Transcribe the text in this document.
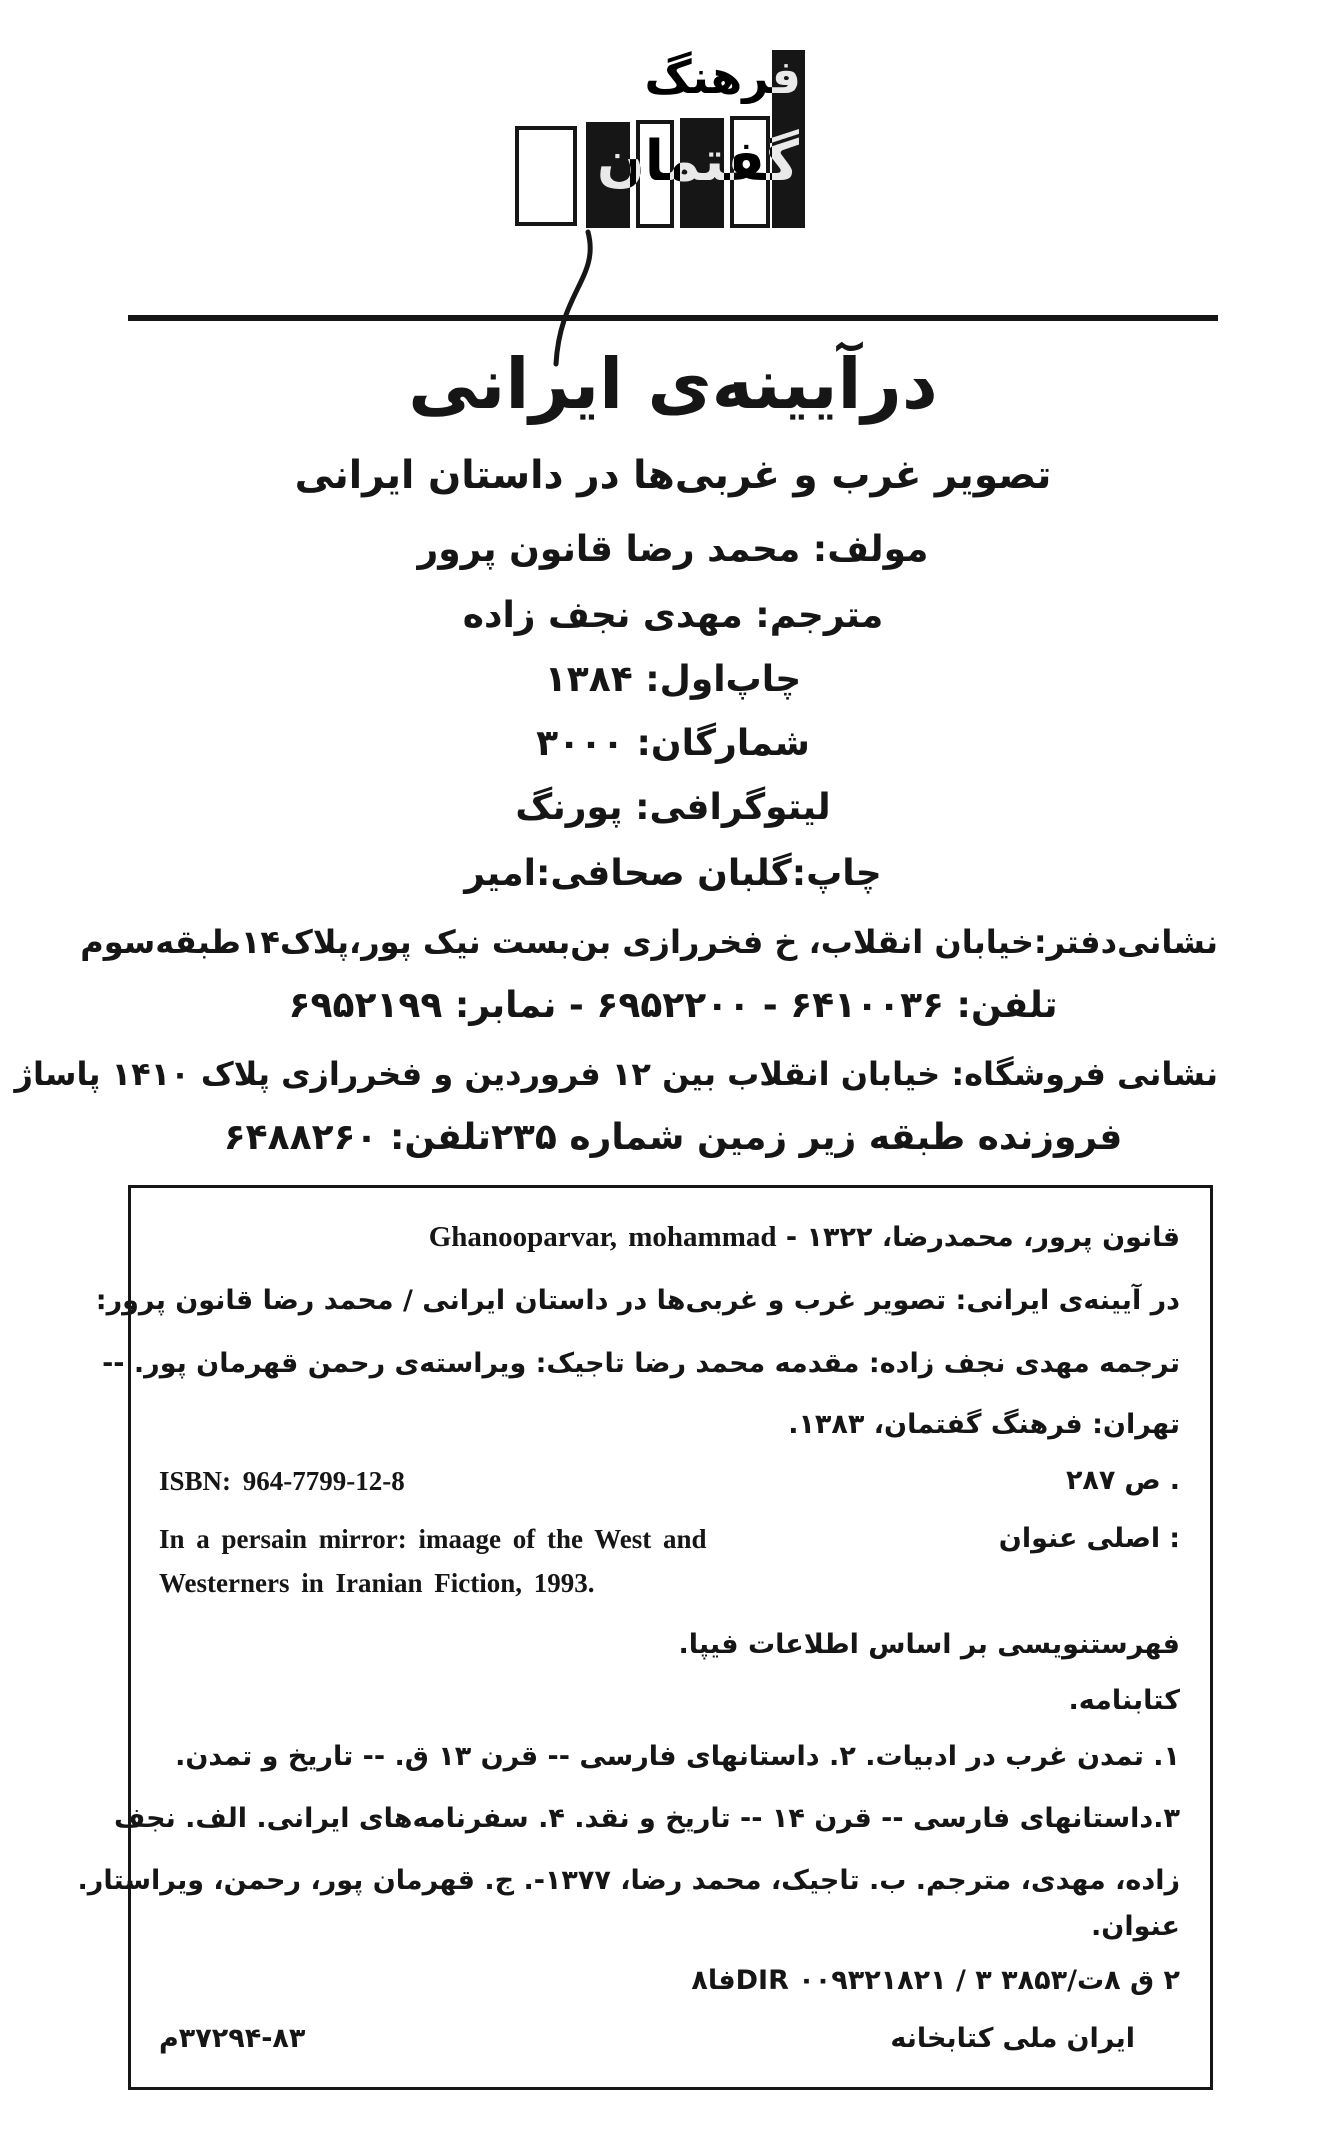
فرهنگ
گفتمان
درآیینه‌ی ایرانی
تصویر غرب و غربی‌ها در داستان ایرانی
مولف: محمد رضا قانون پرور
مترجم: مهدی نجف زاده
چاپ‌اول: ۱۳۸۴
شمارگان: ۳۰۰۰
لیتوگرافی: پورنگ
چاپ:گلبان صحافی:امیر
نشانی‌دفتر:خیابان انقلاب، خ فخررازی بن‌بست نیک پور،پلاک۱۴طبقه‌سوم
تلفن: ۶۴۱۰۰۳۶ - ۶۹۵۲۲۰۰ - نمابر: ۶۹۵۲۱۹۹
نشانی فروشگاه: خیابان انقلاب بین ۱۲ فروردین و فخررازی پلاک ۱۴۱۰ پاساژ
فروزنده طبقه زیر زمین شماره ۲۳۵تلفن: ۶۴۸۸۲۶۰
قانون پرور، محمدرضا، ۱۳۲۲ - Ghanooparvar, mohammad
در آیینه‌ی ایرانی: تصویر غرب و غربی‌ها در داستان ایرانی / محمد رضا قانون پرور:
ترجمه مهدی نجف زاده: مقدمه محمد رضا تاجیک: ویراسته‌ی رحمن قهرمان پور. --
تهران: فرهنگ گفتمان، ۱۳۸۳.
ISBN: 964-7799-12-8	۲۸۷ ص .
In a persain mirror: imaage of the West and	عنوان اصلی :
Westerners in Iranian Fiction, 1993.
فهرستنویسی بر اساس اطلاعات فیپا.
کتابنامه.
۱. تمدن غرب در ادبیات. ۲. داستانهای فارسی -- قرن ۱۳ ق. -- تاریخ و تمدن.
۳.داستانهای فارسی -- قرن ۱۴ -- تاریخ و نقد. ۴. سفرنامه‌های ایرانی. الف. نجف
زاده، مهدی، مترجم. ب. تاجیک، محمد رضا، ۱۳۷۷-. ج. قهرمان پور، رحمن، ویراستار.
عنوان.
۲ ق ۸ت/۳۸۵۳ DIR ۰۰۹۳۲۱۸۲۱ / ۳فا۸
۳۷۲۹۴-۸۳م	کتابخانه ملی ایران
